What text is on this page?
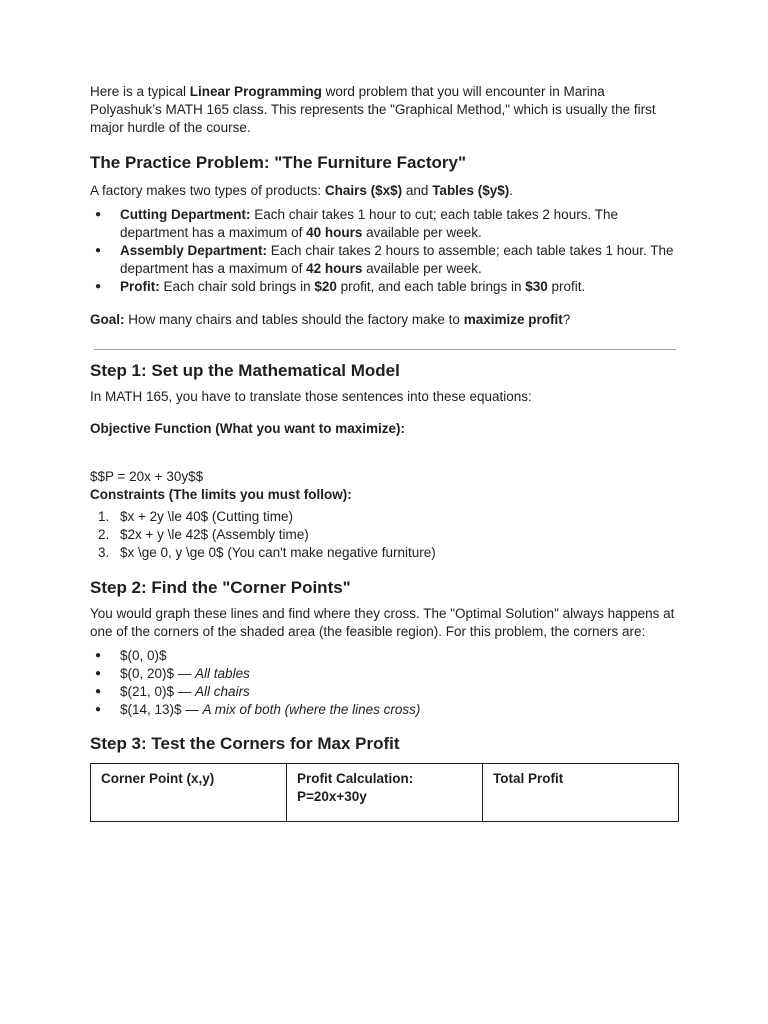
Here is a typical Linear Programming word problem that you will encounter in Marina Polyashuk’s MATH 165 class. This represents the "Graphical Method," which is usually the first major hurdle of the course.

The Practice Problem: "The Furniture Factory"

A factory makes two types of products: Chairs ($x$) and Tables ($y$).

● Cutting Department: Each chair takes 1 hour to cut; each table takes 2 hours. The department has a maximum of 40 hours available per week.
● Assembly Department: Each chair takes 2 hours to assemble; each table takes 1 hour. The department has a maximum of 42 hours available per week.
● Profit: Each chair sold brings in $20 profit, and each table brings in $30 profit.

Goal: How many chairs and tables should the factory make to maximize profit?

Step 1: Set up the Mathematical Model

In MATH 165, you have to translate those sentences into these equations:

Objective Function (What you want to maximize):

$$P = 20x + 30y$$

Constraints (The limits you must follow):

1. $x + 2y \le 40$ (Cutting time)
2. $2x + y \le 42$ (Assembly time)
3. $x \ge 0, y \ge 0$ (You can't make negative furniture)
Step 2: Find the "Corner Points"

You would graph these lines and find where they cross. The "Optimal Solution" always happens at one of the corners of the shaded area (the feasible region). For this problem, the corners are:

● $(0, 0)$
● $(0, 20)$ — All tables
● $(21, 0)$ — All chairs
● $(14, 13)$ — A mix of both (where the lines cross)
Step 3: Test the Corners for Max Profit
Corner Point (x,y)	Profit Calculation: P=20x+30y	Total Profit
